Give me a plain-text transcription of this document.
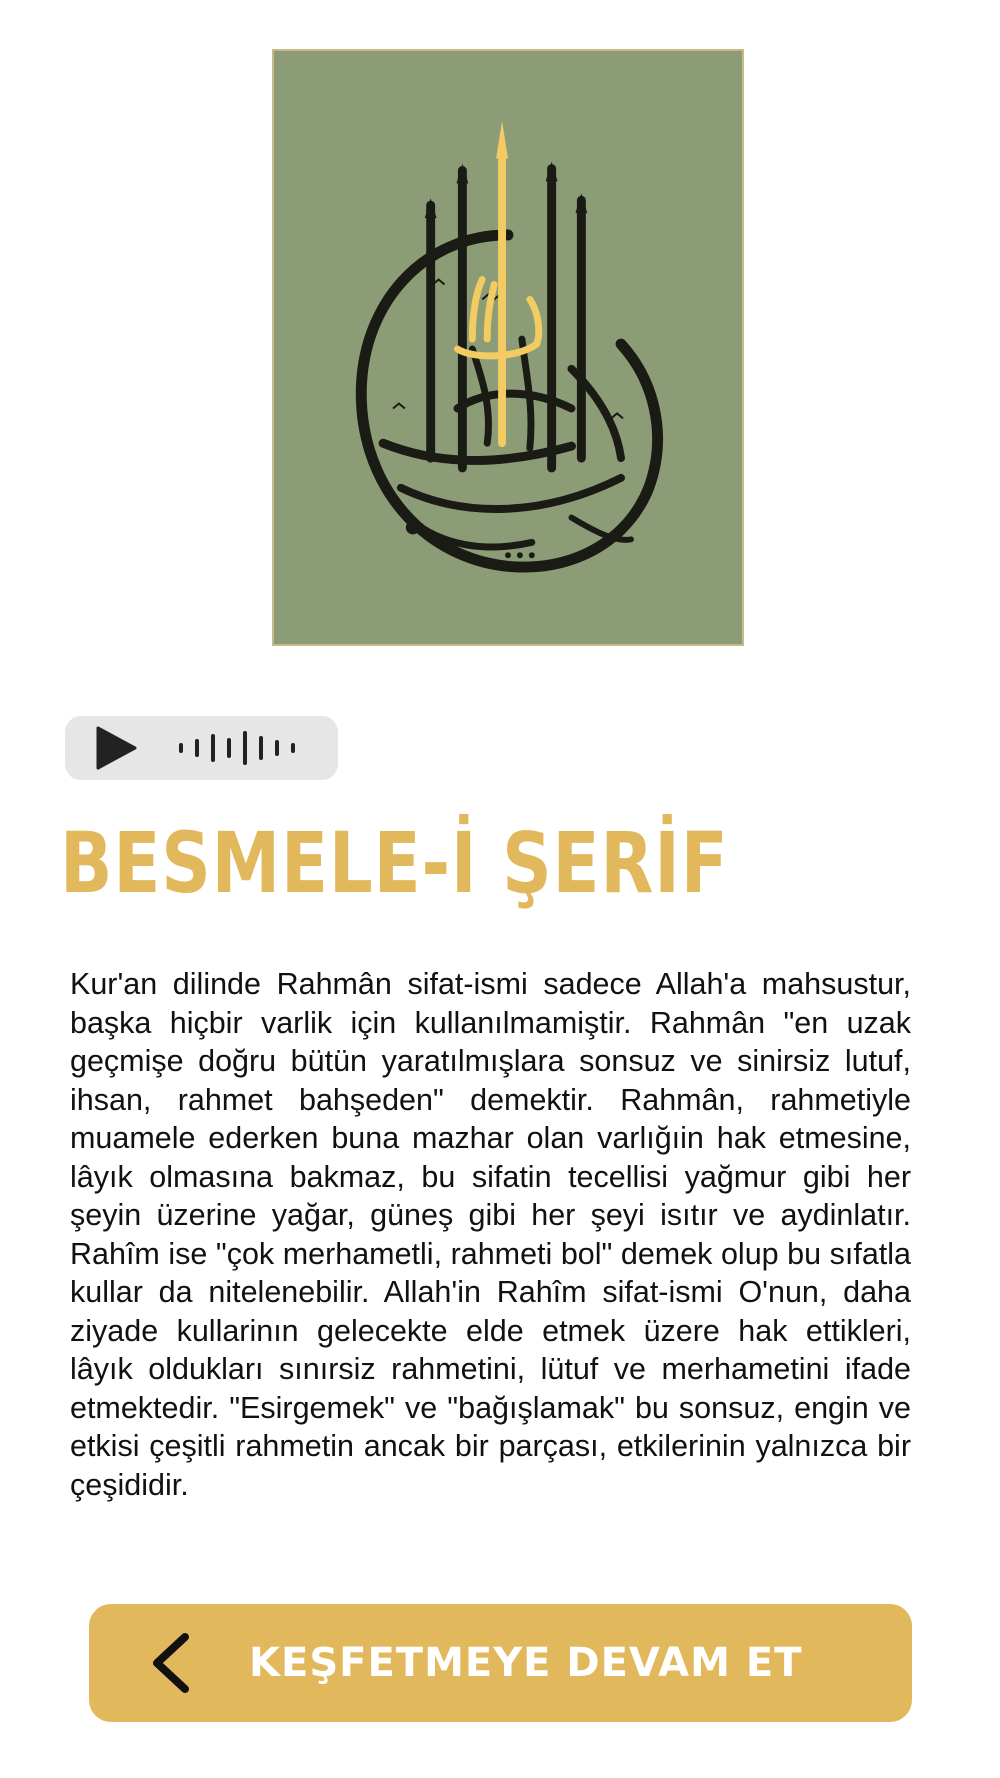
BESMELE-İ ŞERİF

Kur'an dilinde Rahmân sifat-ismi sadece Allah'a mahsustur, başka hiçbir varlik için kullanılmamiştir. Rahmân "en uzak geçmişe doğru bütün yaratılmışlara sonsuz ve sinirsiz lutuf, ihsan, rahmet bahşeden" demektir. Rahmân, rahmetiyle muamele ederken buna mazhar olan varlığıin hak etmesine, lâyık olmasına bakmaz, bu sifatin tecellisi yağmur gibi her şeyin üzerine yağar, güneş gibi her şeyi isıtır ve aydinlatır. Rahîm ise "çok merhametli, rahmeti bol" demek olup bu sıfatla kullar da nitelenebilir. Allah'in Rahîm sifat-ismi O'nun, daha ziyade kullarinın gelecekte elde etmek üzere hak ettikleri, lâyık oldukları sınırsiz rahmetini, lütuf ve merhametini ifade etmektedir. "Esirgemek" ve "bağışlamak" bu sonsuz, engin ve etkisi çeşitli rahmetin ancak bir parçası, etkilerinin yalnızca bir çeşididir.

KEŞFETMEYE DEVAM ET
